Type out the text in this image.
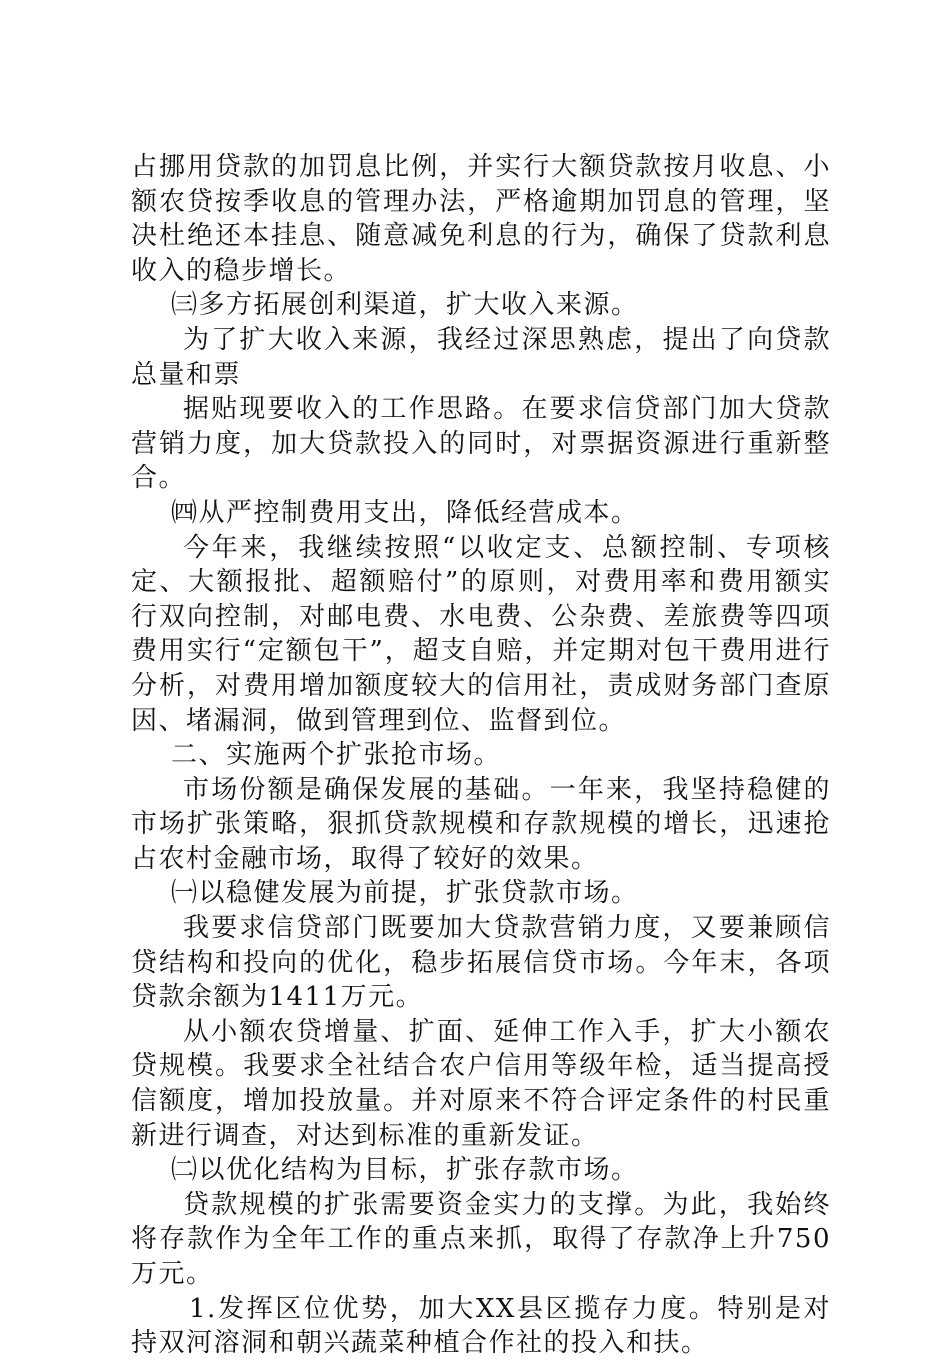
占挪用贷款的加罚息比例，并实行大额贷款按月收息、小额农贷按季收息的管理办法，严格逾期加罚息的管理，坚决杜绝还本挂息、随意减免利息的行为，确保了贷款利息收入的稳步增长。

㈢多方拓展创利渠道，扩大收入来源。

为了扩大收入来源，我经过深思熟虑，提出了向贷款总量和票

据贴现要收入的工作思路。在要求信贷部门加大贷款营销力度，加大贷款投入的同时，对票据资源进行重新整合。

㈣从严控制费用支出，降低经营成本。

今年来，我继续按照“以收定支、总额控制、专项核定、大额报批、超额赔付”的原则，对费用率和费用额实行双向控制，对邮电费、水电费、公杂费、差旅费等四项费用实行“定额包干”，超支自赔，并定期对包干费用进行分析，对费用增加额度较大的信用社，责成财务部门查原因、堵漏洞，做到管理到位、监督到位。

二、实施两个扩张抢市场。

市场份额是确保发展的基础。一年来，我坚持稳健的市场扩张策略，狠抓贷款规模和存款规模的增长，迅速抢占农村金融市场，取得了较好的效果。

㈠以稳健发展为前提，扩张贷款市场。

我要求信贷部门既要加大贷款营销力度，又要兼顾信贷结构和投向的优化，稳步拓展信贷市场。今年末，各项贷款余额为1411万元。

从小额农贷增量、扩面、延伸工作入手，扩大小额农贷规模。我要求全社结合农户信用等级年检，适当提高授信额度，增加投放量。并对原来不符合评定条件的村民重新进行调查，对达到标准的重新发证。

㈡以优化结构为目标，扩张存款市场。

贷款规模的扩张需要资金实力的支撑。为此，我始终将存款作为全年工作的重点来抓，取得了存款净上升750万元。

1.发挥区位优势，加大XX县区揽存力度。特别是对持双河溶洞和朝兴蔬菜种植合作社的投入和扶。
